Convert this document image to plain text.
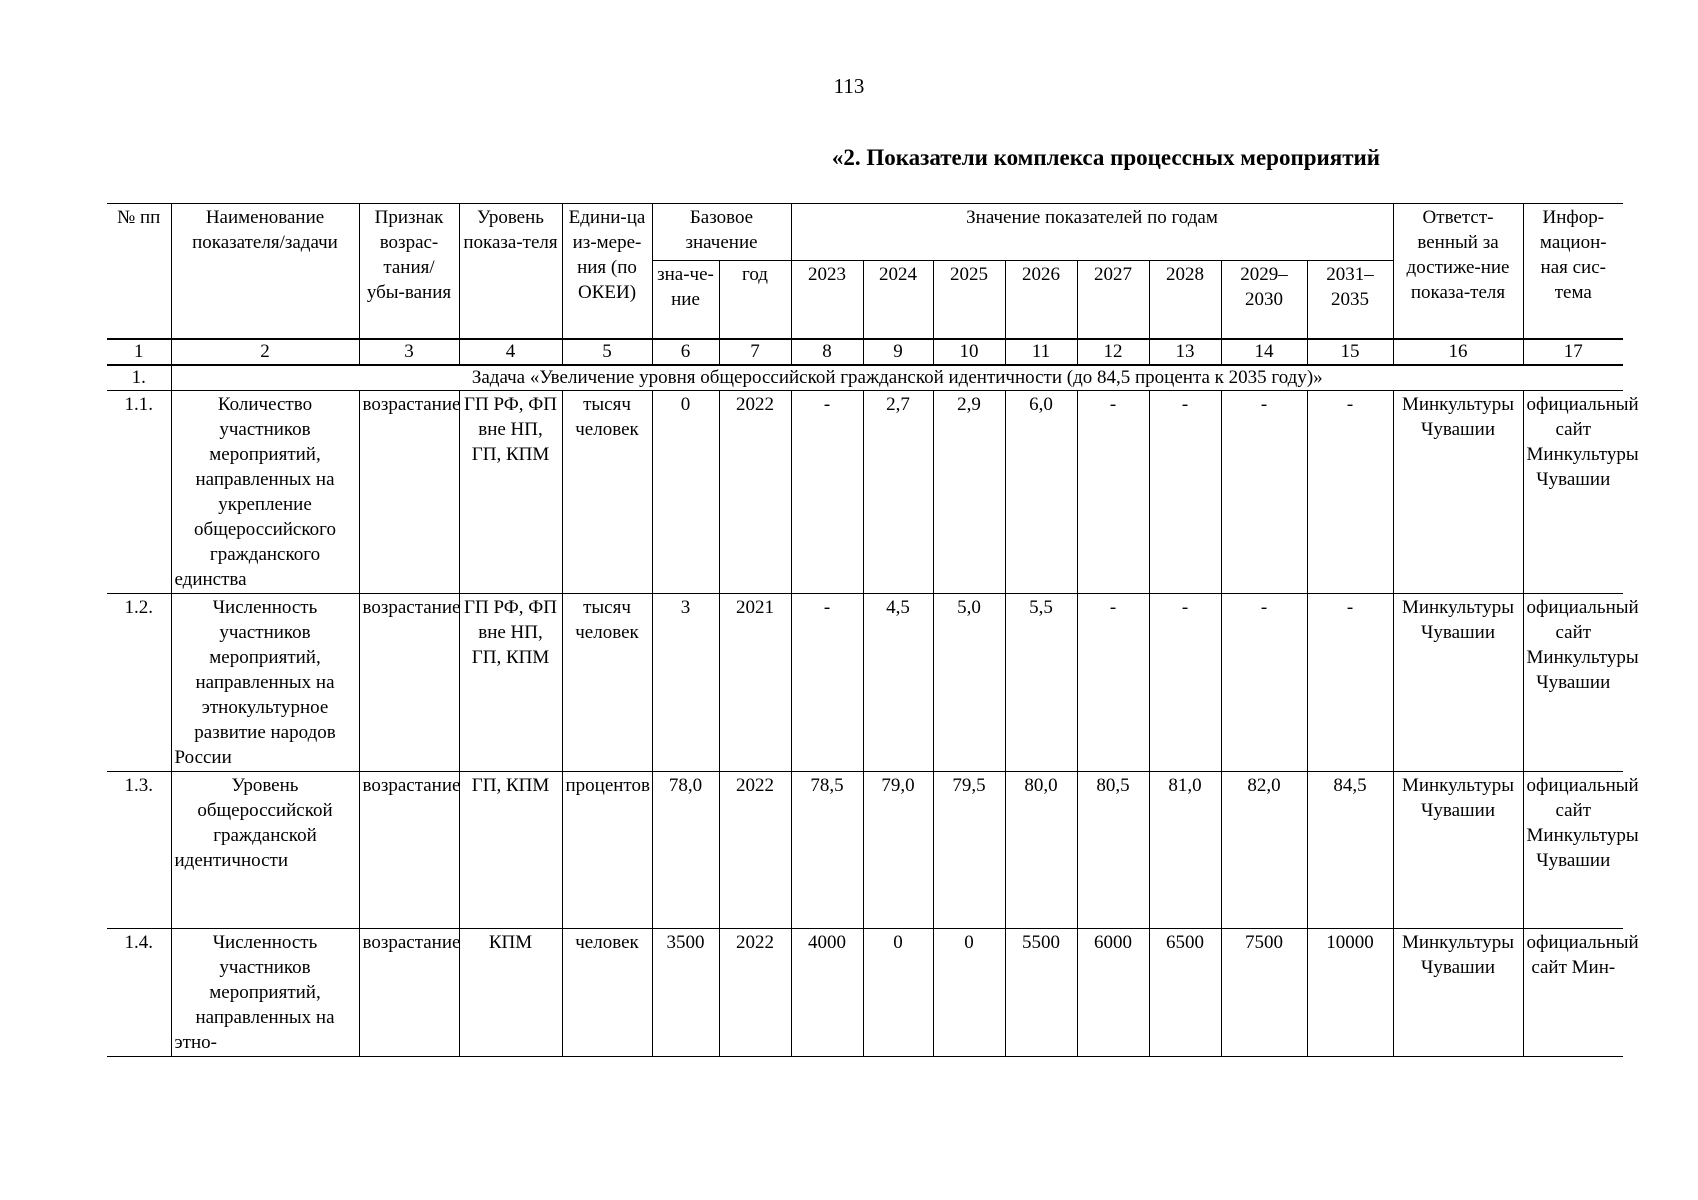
113
«2. Показатели комплекса процессных мероприятий
№ пп	Наименование показателя/задачи	Признак возрас-тания/ убы-вания	Уровень показа-теля	Едини-ца из-мере-ния (по ОКЕИ)	Базовое значение		Значение показателей по годам								Ответст-венный за достиже-ние показа-теля	Инфор-мацион-ная сис-тема
					зна-че-ние	год	2023	2024	2025	2026	2027	2028	2029–2030	2031–2035		
1	2	3	4	5	6	7	8	9	10	11	12	13	14	15	16	17
1.	Задача «Увеличение уровня общероссийской гражданской идентичности (до 84,5 процента к 2035 году)»															
1.1.	Количество участников мероприятий, направленных на укрепление общероссийского гражданского единства	возрастание	ГП РФ, ФП вне НП, ГП, КПМ	тысяч человек	0	2022	-	2,7	2,9	6,0	-	-	-	-	Минкультуры Чувашии	официальный сайт Минкультуры Чувашии
1.2.	Численность участников мероприятий, направленных на этнокультурное развитие народов России	возрастание	ГП РФ, ФП вне НП, ГП, КПМ	тысяч человек	3	2021	-	4,5	5,0	5,5	-	-	-	-	Минкультуры Чувашии	официальный сайт Минкультуры Чувашии
1.3.	Уровень общероссийской гражданской идентичности	возрастание	ГП, КПМ	процентов	78,0	2022	78,5	79,0	79,5	80,0	80,5	81,0	82,0	84,5	Минкультуры Чувашии	официальный сайт Минкультуры Чувашии
1.4.	Численность участников мероприятий, направленных на этно-	возрастание	КПМ	человек	3500	2022	4000	0	0	5500	6000	6500	7500	10000	Минкультуры Чувашии	официальный сайт Мин-
